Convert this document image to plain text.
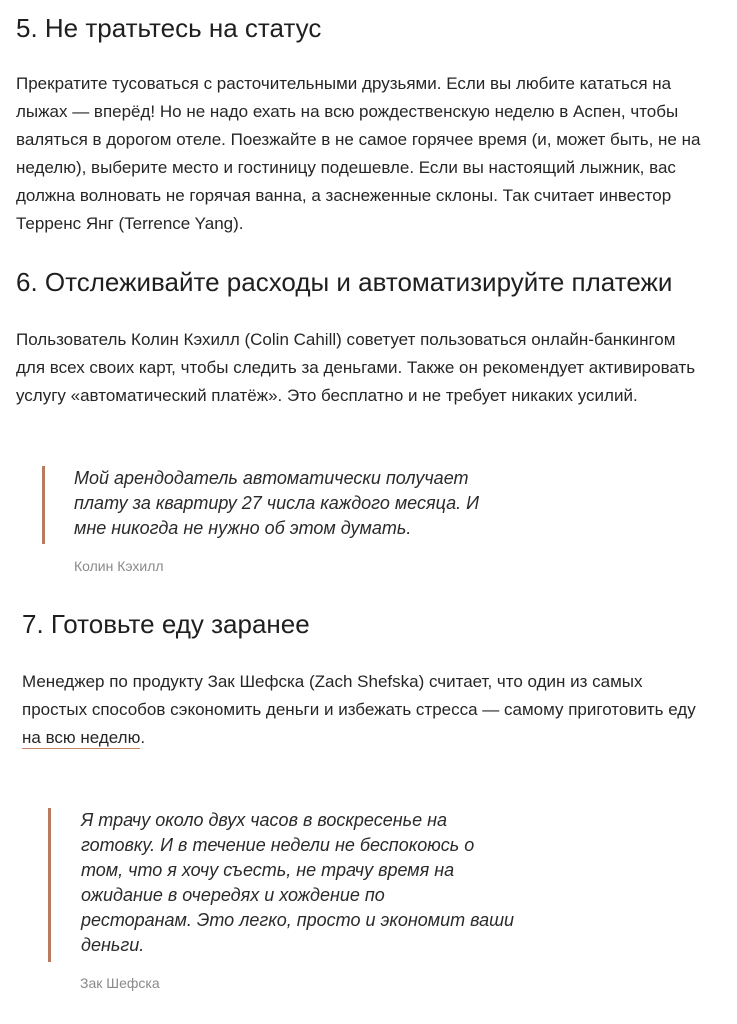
5. Не тратьтесь на статус

Прекратите тусоваться с расточительными друзьями. Если вы любите кататься на
лыжах — вперёд! Но не надо ехать на всю рождественскую неделю в Аспен, чтобы
валяться в дорогом отеле. Поезжайте в не самое горячее время (и, может быть, не на
неделю), выберите место и гостиницу подешевле. Если вы настоящий лыжник, вас
должна волновать не горячая ванна, а заснеженные склоны. Так считает инвестор
Терренс Янг (Terrence Yang).

6. Отслеживайте расходы и автоматизируйте платежи

Пользователь Колин Кэхилл (Colin Cahill) советует пользоваться онлайн-банкингом
для всех своих карт, чтобы следить за деньгами. Также он рекомендует активировать
услугу «автоматический платёж». Это бесплатно и не требует никаких усилий.

Мой арендодатель автоматически получает
плату за квартиру 27 числа каждого месяца. И
мне никогда не нужно об этом думать.
Колин Кэхилл
7. Готовьте еду заранее

Менеджер по продукту Зак Шефска (Zach Shefska) считает, что один из самых
простых способов сэкономить деньги и избежать стресса — самому приготовить еду
на всю неделю.

Я трачу около двух часов в воскресенье на
готовку. И в течение недели не беспокоюсь о
том, что я хочу съесть, не трачу время на
ожидание в очередях и хождение по
ресторанам. Это легко, просто и экономит ваши
деньги.
Зак Шефска
